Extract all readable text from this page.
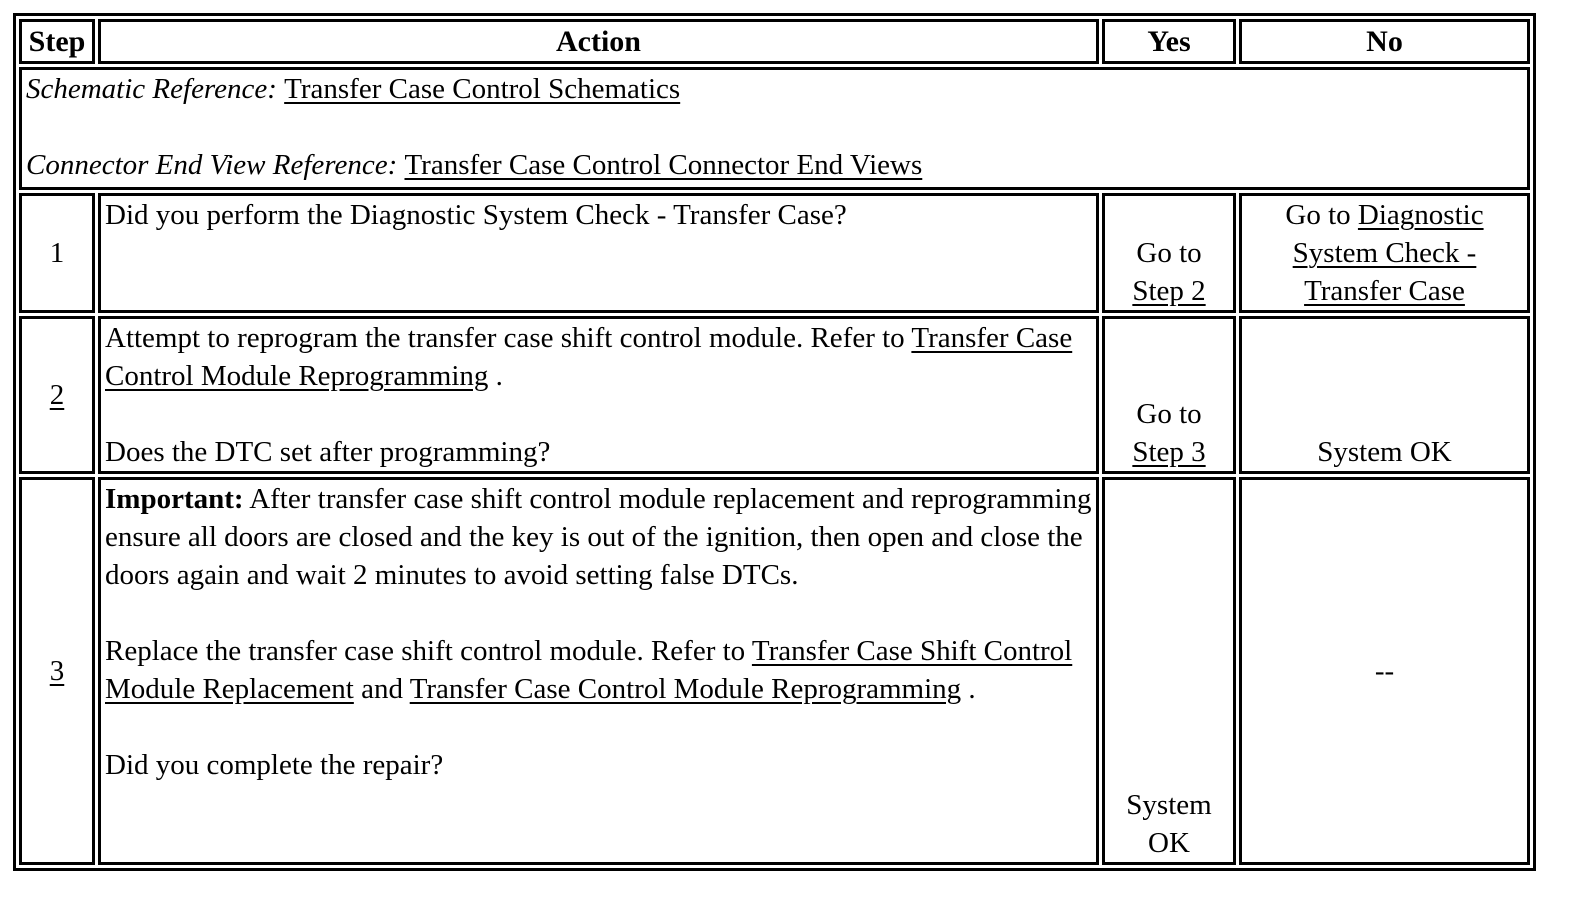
Step	Action	Yes	No
Schematic Reference: Transfer Case Control Schematics

Connector End View Reference: Transfer Case Control Connector End Views			
1	Did you perform the Diagnostic System Check - Transfer Case?	Go to Step 2	Go to Diagnostic System Check - Transfer Case
2	Attempt to reprogram the transfer case shift control module. Refer to Transfer Case Control Module Reprogramming .

Does the DTC set after programming?	Go to Step 3	System OK
3	Important: After transfer case shift control module replacement and reprogramming ensure all doors are closed and the key is out of the ignition, then open and close the doors again and wait 2 minutes to avoid setting false DTCs.

Replace the transfer case shift control module. Refer to Transfer Case Shift Control Module Replacement and Transfer Case Control Module Reprogramming .

Did you complete the repair?	System OK	--
